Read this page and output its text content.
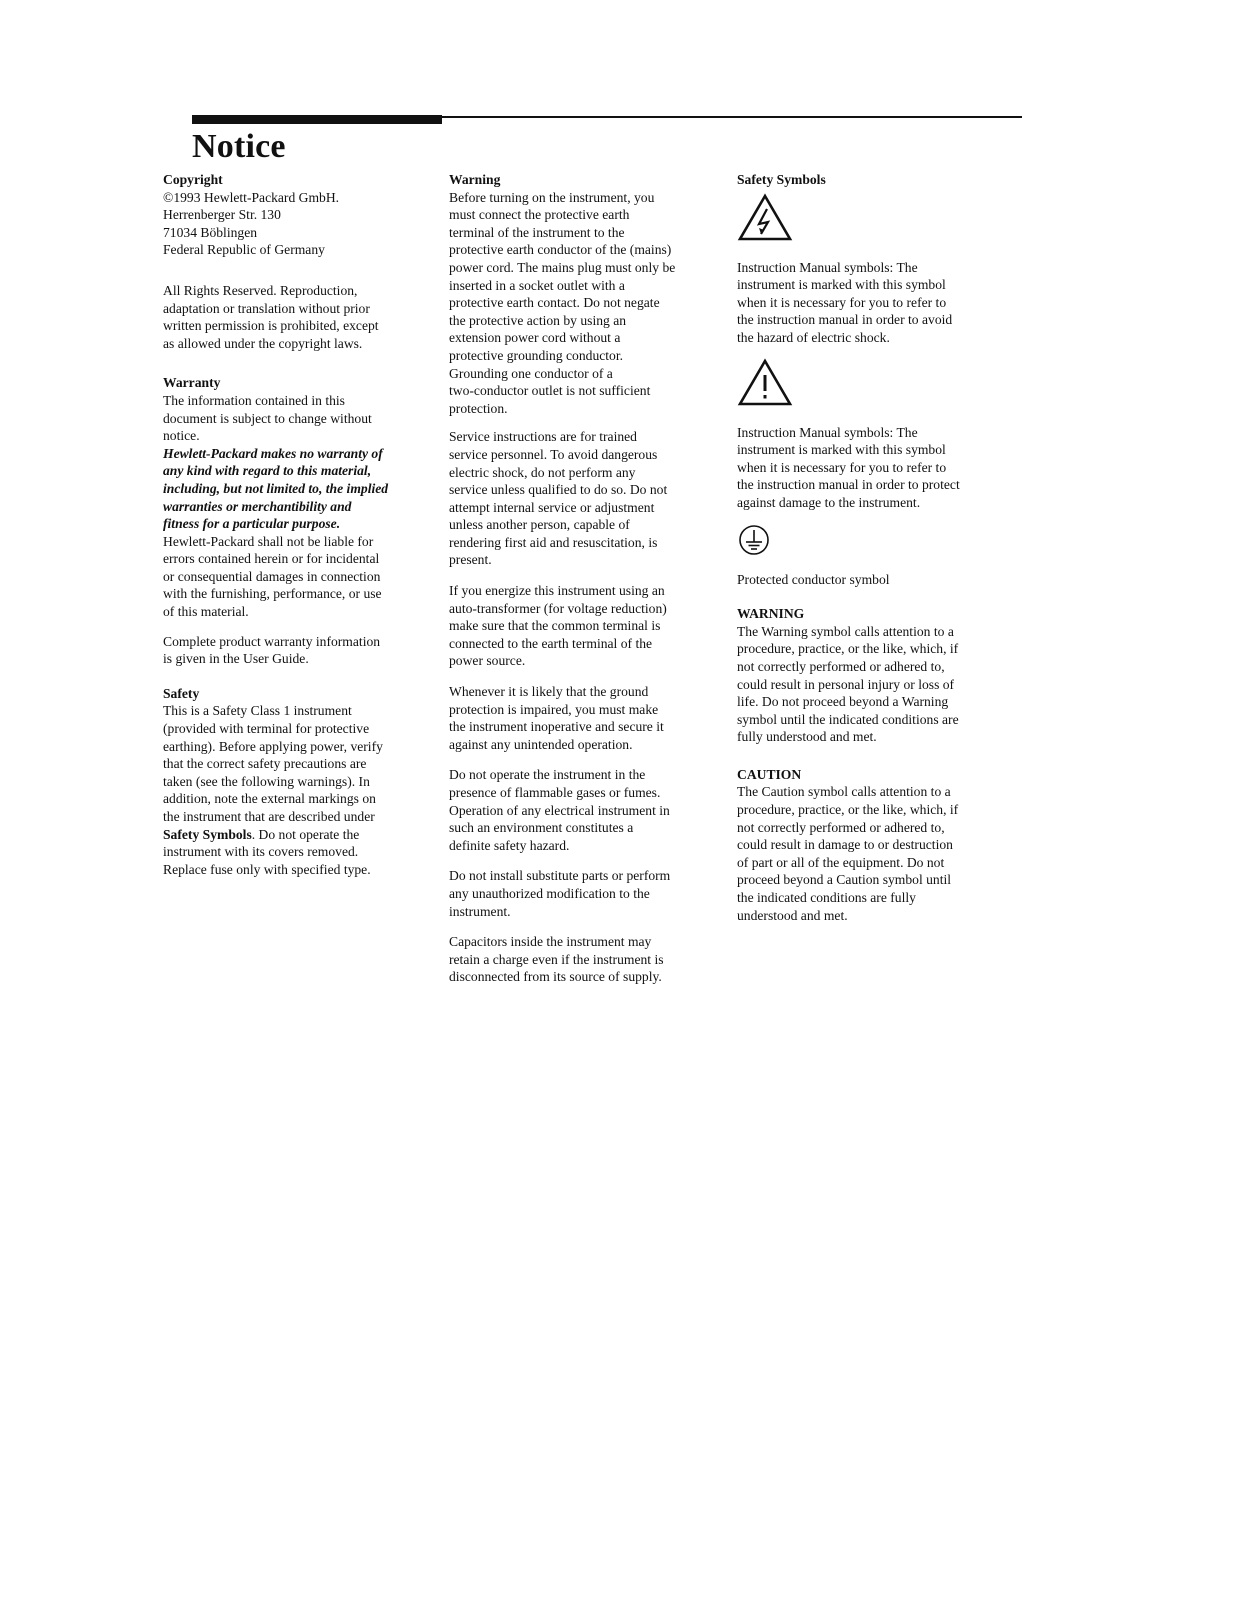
Notice
Copyright
©1993 Hewlett-Packard GmbH.
Herrenberger Str. 130
71034 Böblingen
Federal Republic of Germany

All Rights Reserved. Reproduction,
adaptation or translation without prior
written permission is prohibited, except
as allowed under the copyright laws.

Warranty
The information contained in this
document is subject to change without
notice.
Hewlett-Packard makes no warranty of
any kind with regard to this material,
including, but not limited to, the implied
warranties or merchantibility and
fitness for a particular purpose.
Hewlett-Packard shall not be liable for
errors contained herein or for incidental
or consequential damages in connection
with the furnishing, performance, or use
of this material.

Complete product warranty information
is given in the User Guide.

Safety
This is a Safety Class 1 instrument
(provided with terminal for protective
earthing). Before applying power, verify
that the correct safety precautions are
taken (see the following warnings). In
addition, note the external markings on
the instrument that are described under
Safety Symbols. Do not operate the
instrument with its covers removed.
Replace fuse only with specified type.
Warning
Before turning on the instrument, you
must connect the protective earth
terminal of the instrument to the
protective earth conductor of the (mains)
power cord. The mains plug must only be
inserted in a socket outlet with a
protective earth contact. Do not negate
the protective action by using an
extension power cord without a
protective grounding conductor.
Grounding one conductor of a
two-conductor outlet is not sufficient
protection.

Service instructions are for trained
service personnel. To avoid dangerous
electric shock, do not perform any
service unless qualified to do so. Do not
attempt internal service or adjustment
unless another person, capable of
rendering first aid and resuscitation, is
present.

If you energize this instrument using an
auto-transformer (for voltage reduction)
make sure that the common terminal is
connected to the earth terminal of the
power source.

Whenever it is likely that the ground
protection is impaired, you must make
the instrument inoperative and secure it
against any unintended operation.

Do not operate the instrument in the
presence of flammable gases or fumes.
Operation of any electrical instrument in
such an environment constitutes a
definite safety hazard.

Do not install substitute parts or perform
any unauthorized modification to the
instrument.

Capacitors inside the instrument may
retain a charge even if the instrument is
disconnected from its source of supply.

Safety Symbols

Instruction Manual symbols: The
instrument is marked with this symbol
when it is necessary for you to refer to
the instruction manual in order to avoid
the hazard of electric shock.

Instruction Manual symbols: The
instrument is marked with this symbol
when it is necessary for you to refer to
the instruction manual in order to protect
against damage to the instrument.

Protected conductor symbol

WARNING
The Warning symbol calls attention to a
procedure, practice, or the like, which, if
not correctly performed or adhered to,
could result in personal injury or loss of
life. Do not proceed beyond a Warning
symbol until the indicated conditions are
fully understood and met.
CAUTION
The Caution symbol calls attention to a
procedure, practice, or the like, which, if
not correctly performed or adhered to,
could result in damage to or destruction
of part or all of the equipment. Do not
proceed beyond a Caution symbol until
the indicated conditions are fully
understood and met.
